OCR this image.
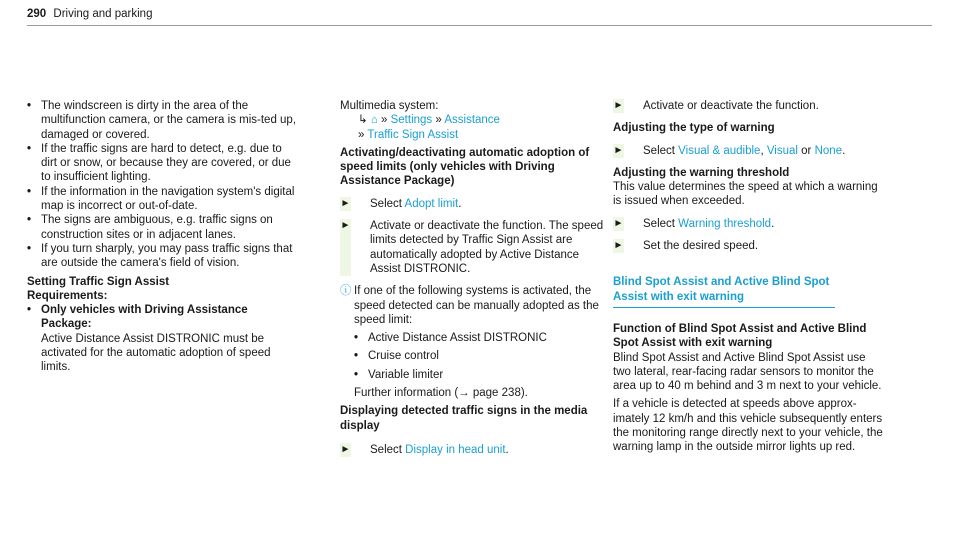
290 Driving and parking
• The windscreen is dirty in the area of the multifunction camera, or the camera is mis-ted up, damaged or covered.
• If the traffic signs are hard to detect, e.g. due to dirt or snow, or because they are covered, or due to insufficient lighting.
• If the information in the navigation system's digital map is incorrect or out-of-date.
• The signs are ambiguous, e.g. traffic signs on construction sites or in adjacent lanes.
• If you turn sharply, you may pass traffic signs that are outside the camera's field of vision.
Setting Traffic Sign Assist
Requirements:
• Only vehicles with Driving Assistance Package:
Active Distance Assist DISTRONIC must be activated for the automatic adoption of speed limits.
Multimedia system:
↳ ⌂ » Settings » Assistance
» Traffic Sign Assist
Activating/deactivating automatic adoption of speed limits (only vehicles with Driving Assistance Package)
► Select Adopt limit.
► Activate or deactivate the function. The speed limits detected by Traffic Sign Assist are automatically adopted by Active Distance Assist DISTRONIC.
ⓘ If one of the following systems is activated, the speed detected can be manually adopted as the speed limit:
• Active Distance Assist DISTRONIC
• Cruise control
• Variable limiter
Further information (→ page 238).
Displaying detected traffic signs in the media display
► Select Display in head unit.
► Activate or deactivate the function.
Adjusting the type of warning
► Select Visual & audible, Visual or None.
Adjusting the warning threshold
This value determines the speed at which a warning is issued when exceeded.
► Select Warning threshold.
► Set the desired speed.
Blind Spot Assist and Active Blind Spot Assist with exit warning
Function of Blind Spot Assist and Active Blind Spot Assist with exit warning
Blind Spot Assist and Active Blind Spot Assist use two lateral, rear-facing radar sensors to monitor the area up to 40 m behind and 3 m next to your vehicle.
If a vehicle is detected at speeds above approx-imately 12 km/h and this vehicle subsequently enters the monitoring range directly next to your vehicle, the warning lamp in the outside mirror lights up red.
